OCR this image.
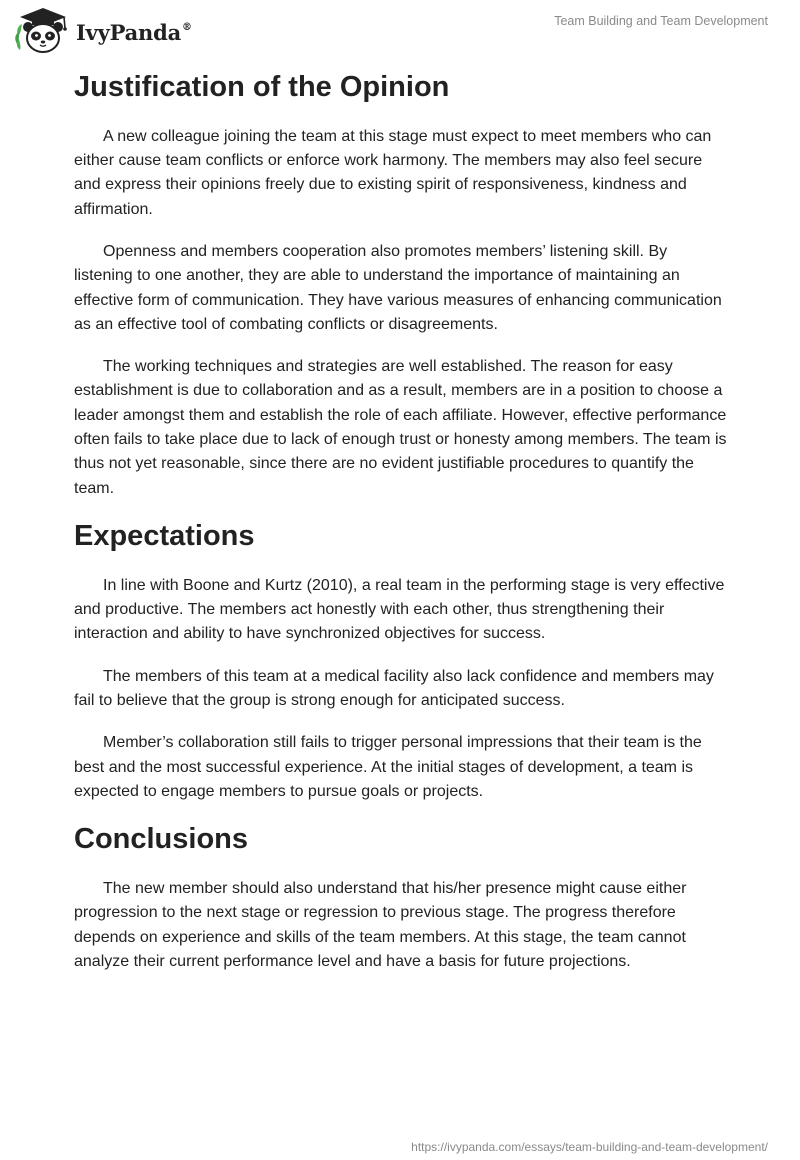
IvyPanda®	Team Building and Team Development
Justification of the Opinion

A new colleague joining the team at this stage must expect to meet members who can either cause team conflicts or enforce work harmony. The members may also feel secure and express their opinions freely due to existing spirit of responsiveness, kindness and affirmation.

Openness and members cooperation also promotes members’ listening skill. By listening to one another, they are able to understand the importance of maintaining an effective form of communication. They have various measures of enhancing communication as an effective tool of combating conflicts or disagreements.

The working techniques and strategies are well established. The reason for easy establishment is due to collaboration and as a result, members are in a position to choose a leader amongst them and establish the role of each affiliate. However, effective performance often fails to take place due to lack of enough trust or honesty among members. The team is thus not yet reasonable, since there are no evident justifiable procedures to quantify the team.

Expectations

In line with Boone and Kurtz (2010), a real team in the performing stage is very effective and productive. The members act honestly with each other, thus strengthening their interaction and ability to have synchronized objectives for success.

The members of this team at a medical facility also lack confidence and members may fail to believe that the group is strong enough for anticipated success.

Member’s collaboration still fails to trigger personal impressions that their team is the best and the most successful experience. At the initial stages of development, a team is expected to engage members to pursue goals or projects.

Conclusions

The new member should also understand that his/her presence might cause either progression to the next stage or regression to previous stage. The progress therefore depends on experience and skills of the team members. At this stage, the team cannot analyze their current performance level and have a basis for future projections.

https://ivypanda.com/essays/team-building-and-team-development/
